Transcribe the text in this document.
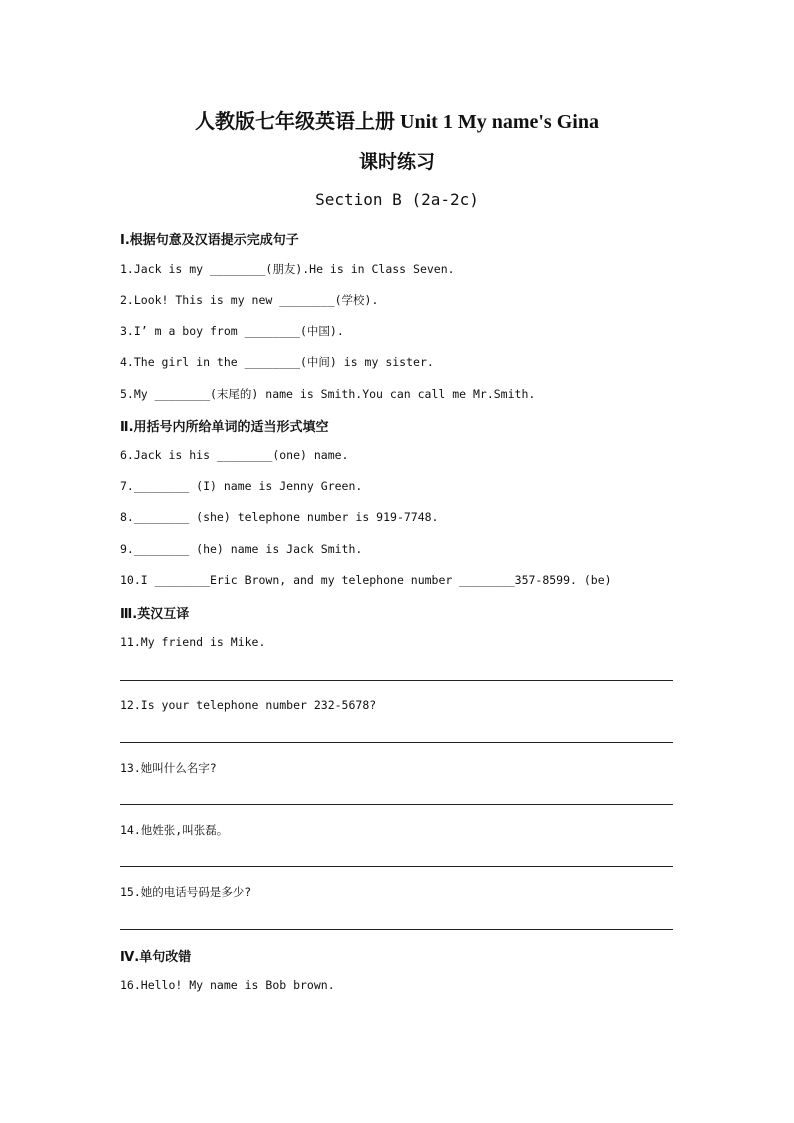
人教版七年级英语上册 Unit 1 My name's Gina
课时练习
Section B (2a-2c)
Ⅰ.根据句意及汉语提示完成句子
1.Jack is my ________(朋友).He is in Class Seven.
2.Look! This is my new ________(学校).
3.I’ m a boy from ________(中国).
4.The girl in the ________(中间) is my sister.
5.My ________(末尾的) name is Smith.You can call me Mr.Smith.
Ⅱ.用括号内所给单词的适当形式填空
6.Jack is his ________(one) name.
7.________ (I) name is Jenny Green.
8.________ (she) telephone number is 919-7748.
9.________ (he) name is Jack Smith.
10.I ________Eric Brown, and my telephone number ________357-8599. (be)
Ⅲ.英汉互译
11.My friend is Mike.
12.Is your telephone number 232-5678?
13.她叫什么名字?
14.他姓张,叫张磊。
15.她的电话号码是多少?
Ⅳ.单句改错
16.Hello! My name is Bob brown.
